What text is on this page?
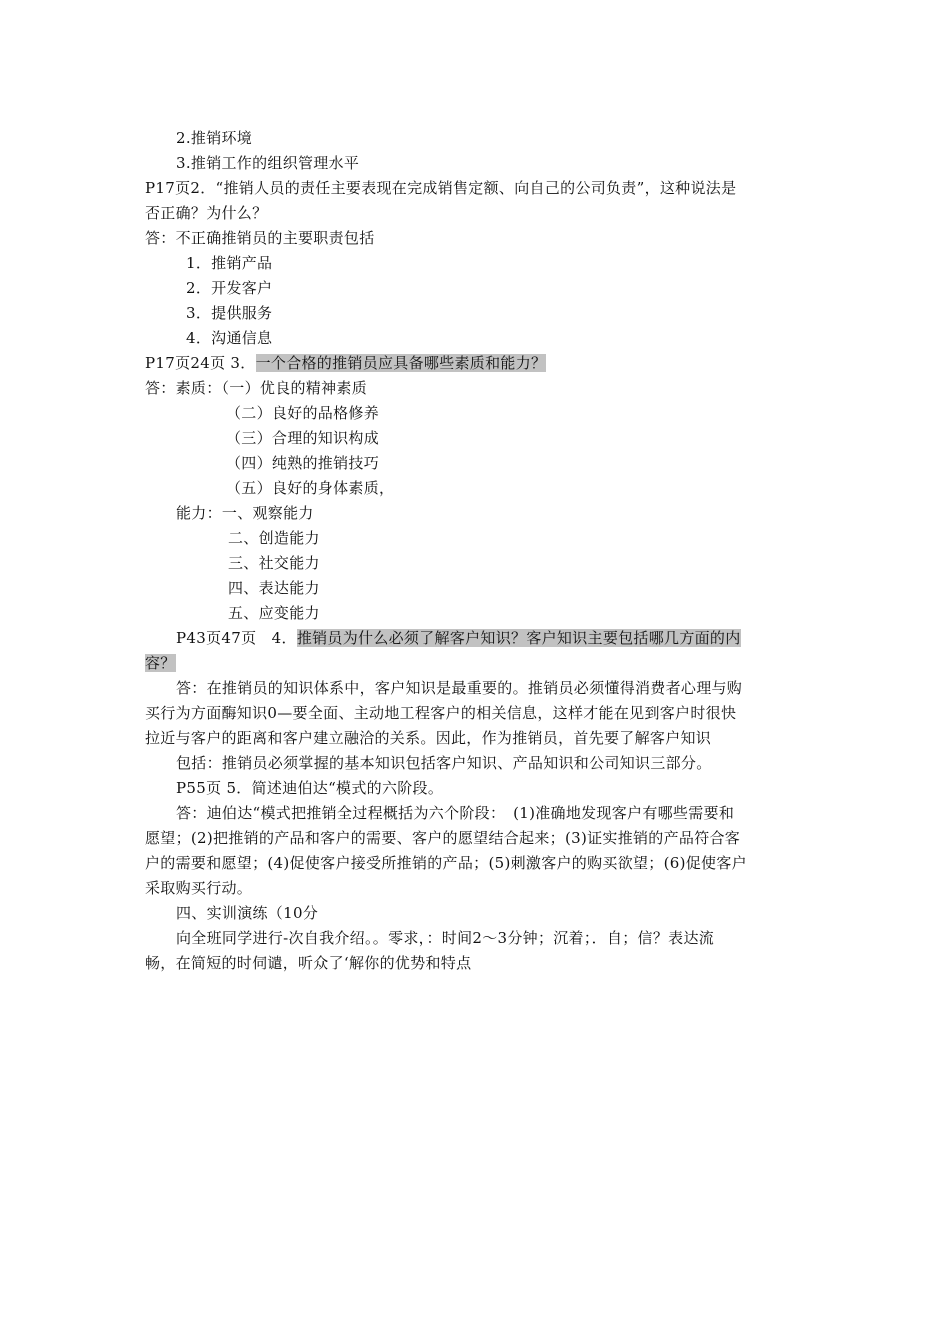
2.推销环境
3.推销工作的组织管理水平
P17页2．“推销人员的责任主要表现在完成销售定额、向自己的公司负责”，这种说法是
否正确？为什么？
答：不正确推销员的主要职责包括
1．推销产品
2．开发客户
3．提供服务
4．沟通信息
P17页24页 3．一个合格的推销员应具备哪些素质和能力？
答：素质：（一）优良的精神素质
（二）良好的品格修养
（三）合理的知识构成
（四）纯熟的推销技巧
（五）良好的身体素质，
能力：一、观察能力
二、创造能力
三、社交能力
四、表达能力
五、应变能力
P43页47页　4．推销员为什么必须了解客户知识？客户知识主要包括哪几方面的内
容？
答：在推销员的知识体系中，客户知识是最重要的。推销员必须懂得消费者心理与购
买行为方面酶知识0—要全面、主动地工程客户的相关信息，这样才能在见到客户时很快
拉近与客户的距离和客户建立融洽的关系。因此，作为推销员，首先要了解客户知识
包括：推销员必须掌握的基本知识包括客户知识、产品知识和公司知识三部分。
P55页 5．简述迪伯达“模式的六阶段。
答：迪伯达“模式把推销全过程概括为六个阶段：　(1)准确地发现客户有哪些需要和
愿望；(2)把推销的产品和客户的需要、客户的愿望结合起来；(3)证实推销的产品符合客
户的需要和愿望；(4)促使客户接受所推销的产品；(5)刺激客户的购买欲望；(6)促使客户
采取购买行动。
四、实训演练（10分
向全班同学进行-次自我介绍。。零求，：时间2～3分钟；沉着；．自；信？表达流
畅，在简短的时伺谴，听众了‘解你的优势和特点
